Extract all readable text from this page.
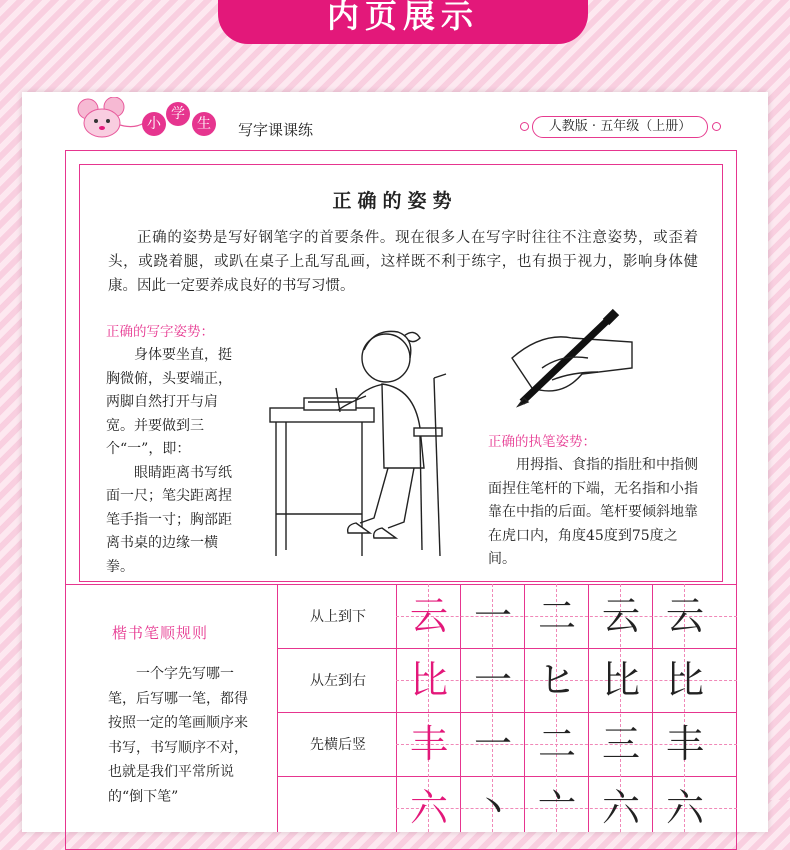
内页展示
小
学
生	写字课课练	人教版 · 五年级（上册）
正确的姿势
正确的姿势是写好钢笔字的首要条件。现在很多人在写字时往往不注意姿势，或歪着头，或跷着腿，或趴在桌子上乱写乱画，这样既不利于练字，也有损于视力，影响身体健康。因此一定要养成良好的书写习惯。
正确的写字姿势：

身体要坐直，挺胸微俯，头要端正，两脚自然打开与肩宽。并要做到三个“一”，即：

眼睛距离书写纸面一尺；笔尖距离捏笔手指一寸；胸部距离书桌的边缘一横拳。

正确的执笔姿势：

用拇指、食指的指肚和中指侧面捏住笔杆的下端，无名指和小指靠在中指的后面。笔杆要倾斜地靠在虎口内，角度45度到75度之间。

楷书笔顺规则

一个字先写哪一笔，后写哪一笔，都得按照一定的笔画顺序来书写，书写顺序不对，也就是我们平常所说的“倒下笔”

从上到下
从左到右
先横后竖
云 一 二 云 云
比 一 ヒ 比 比
丰 一 二 三 丰
六 丶 亠 六 六
